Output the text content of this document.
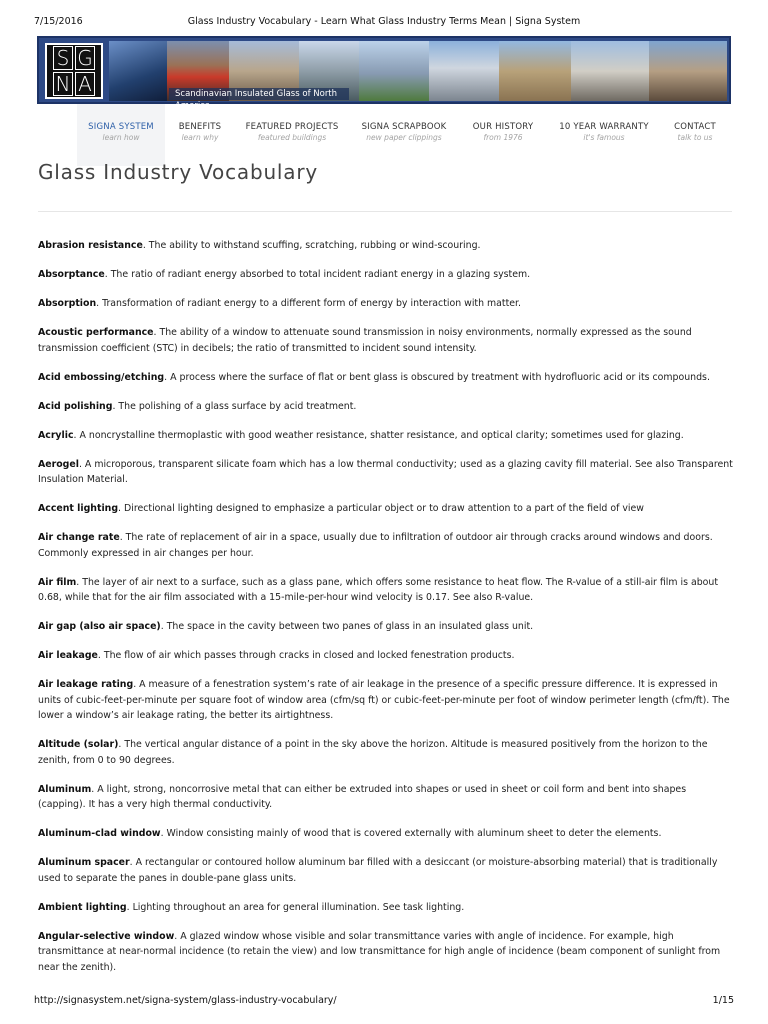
7/15/2016	Glass Industry Vocabulary - Learn What Glass Industry Terms Mean | Signa System
S G
N A	Scandinavian Insulated Glass of North America
SIGNA SYSTEM
learn how
BENEFITS
learn why
FEATURED PROJECTS
featured buildings
SIGNA SCRAPBOOK
new paper clippings
OUR HISTORY
from 1976
10 YEAR WARRANTY
it's famous
CONTACT
talk to us
Glass Industry Vocabulary

Abrasion resistance. The ability to withstand scuffing, scratching, rubbing or wind-scouring.

Absorptance. The ratio of radiant energy absorbed to total incident radiant energy in a glazing system.

Absorption. Transformation of radiant energy to a different form of energy by interaction with matter.

Acoustic performance. The ability of a window to attenuate sound transmission in noisy environments, normally expressed as the sound transmission coefficient (STC) in decibels; the ratio of transmitted to incident sound intensity.

Acid embossing/etching. A process where the surface of flat or bent glass is obscured by treatment with hydrofluoric acid or its compounds.

Acid polishing. The polishing of a glass surface by acid treatment.

Acrylic. A noncrystalline thermoplastic with good weather resistance, shatter resistance, and optical clarity; sometimes used for glazing.

Aerogel. A microporous, transparent silicate foam which has a low thermal conductivity; used as a glazing cavity fill material. See also Transparent Insulation Material.

Accent lighting. Directional lighting designed to emphasize a particular object or to draw attention to a part of the field of view

Air change rate. The rate of replacement of air in a space, usually due to infiltration of outdoor air through cracks around windows and doors. Commonly expressed in air changes per hour.

Air film. The layer of air next to a surface, such as a glass pane, which offers some resistance to heat flow. The R-value of a still-air film is about 0.68, while that for the air film associated with a 15-mile-per-hour wind velocity is 0.17. See also R-value.

Air gap (also air space). The space in the cavity between two panes of glass in an insulated glass unit.

Air leakage. The flow of air which passes through cracks in closed and locked fenestration products.

Air leakage rating. A measure of a fenestration system’s rate of air leakage in the presence of a specific pressure difference. It is expressed in units of cubic-feet-per-minute per square foot of window area (cfm/sq ft) or cubic-feet-per-minute per foot of window perimeter length (cfm/ft). The lower a window’s air leakage rating, the better its airtightness.

Altitude (solar). The vertical angular distance of a point in the sky above the horizon. Altitude is measured positively from the horizon to the zenith, from 0 to 90 degrees.

Aluminum. A light, strong, noncorrosive metal that can either be extruded into shapes or used in sheet or coil form and bent into shapes (capping). It has a very high thermal conductivity.

Aluminum-clad window. Window consisting mainly of wood that is covered externally with aluminum sheet to deter the elements.

Aluminum spacer. A rectangular or contoured hollow aluminum bar filled with a desiccant (or moisture-absorbing material) that is traditionally used to separate the panes in double-pane glass units.

Ambient lighting. Lighting throughout an area for general illumination. See task lighting.

Angular-selective window. A glazed window whose visible and solar transmittance varies with angle of incidence. For example, high transmittance at near-normal incidence (to retain the view) and low transmittance for high angle of incidence (beam component of sunlight from near the zenith).

http://signasystem.net/signa-system/glass-industry-vocabulary/	1/15
